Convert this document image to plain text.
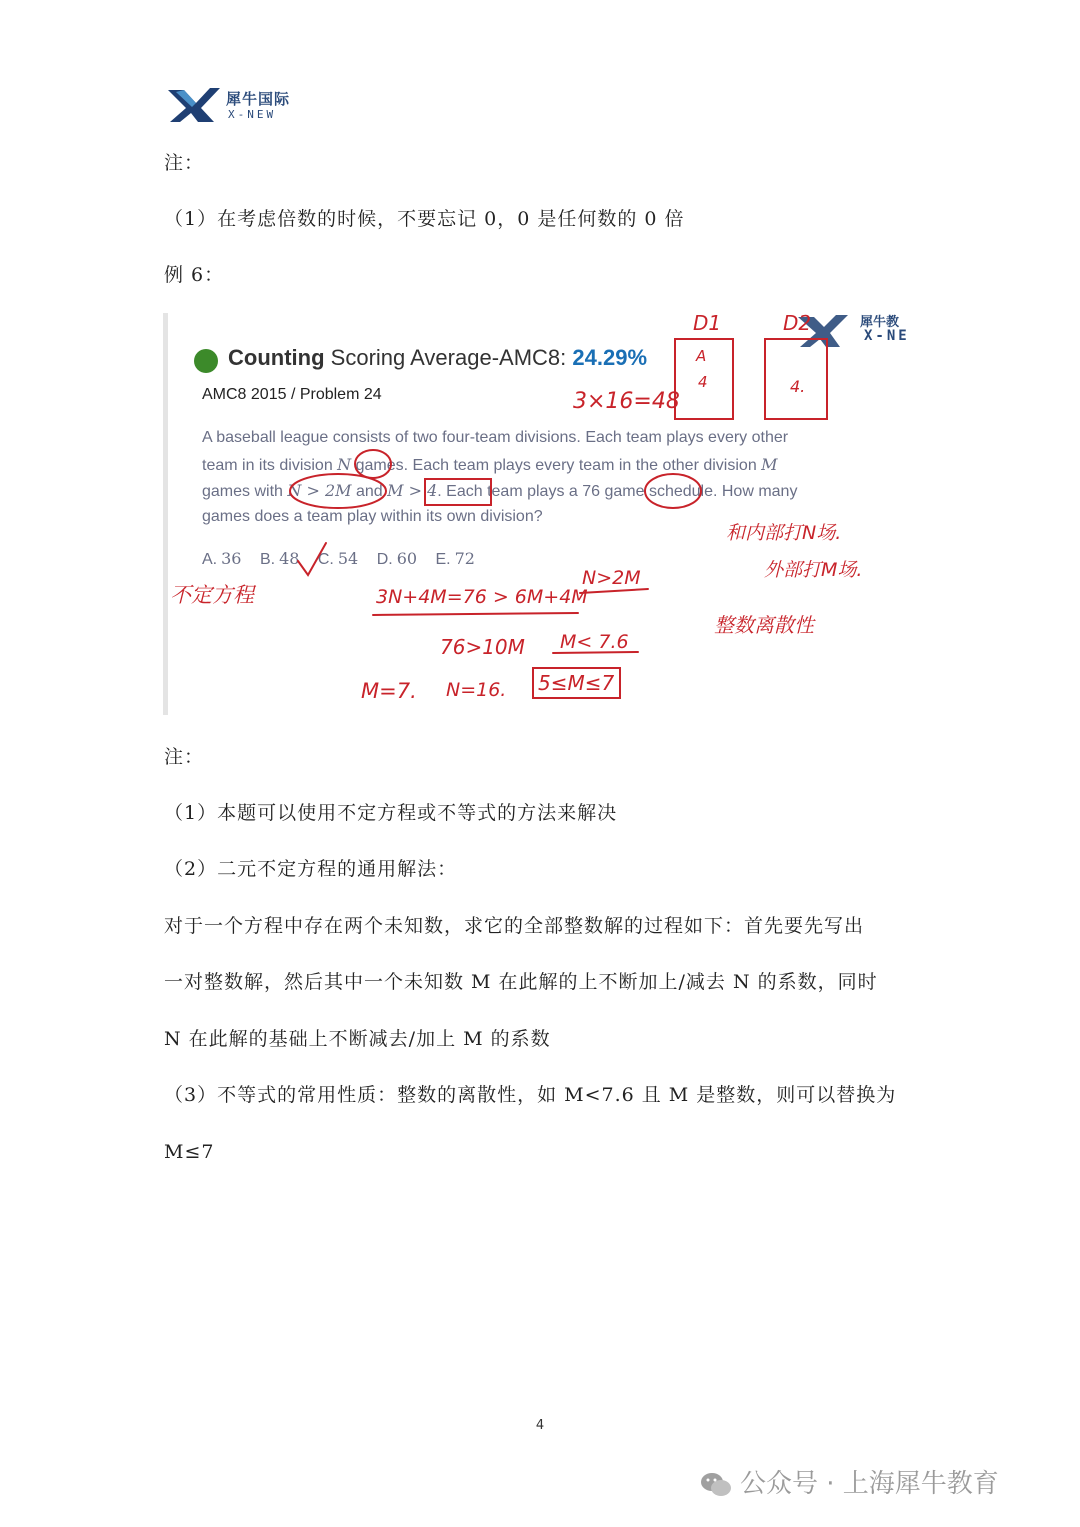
犀牛国际
X-NEW
注：
（1）在考虑倍数的时候，不要忘记 0，0 是任何数的 0 倍
例 6：
Counting Scoring Average-AMC8: 24.29%
AMC8 2015 / Problem 24
A baseball league consists of two four-team divisions. Each team plays every other
team in its division N games. Each team plays every team in the other division M
games with N > 2M and M > 4. Each team plays a 76 game schedule. How many
games does a team play within its own division?
A. 36 B. 48 C. 54 D. 60 E. 72
犀牛教
X-NE
D1	D2
A
4	4.
3×16=48
3N+4M=76 > 6M+4M
N>2M
76>10M M< 7.6
M=7. N=16. 5≤M≤7
不定方程
和内部打N场.
外部打M场.
整数离散性
注：
（1）本题可以使用不定方程或不等式的方法来解决
（2）二元不定方程的通用解法：
对于一个方程中存在两个未知数，求它的全部整数解的过程如下：首先要先写出
一对整数解，然后其中一个未知数 M 在此解的上不断加上/减去 N 的系数，同时
N 在此解的基础上不断减去/加上 M 的系数
（3）不等式的常用性质：整数的离散性，如 M<7.6 且 M 是整数，则可以替换为
M≤7
4
公众号 · 上海犀牛教育
